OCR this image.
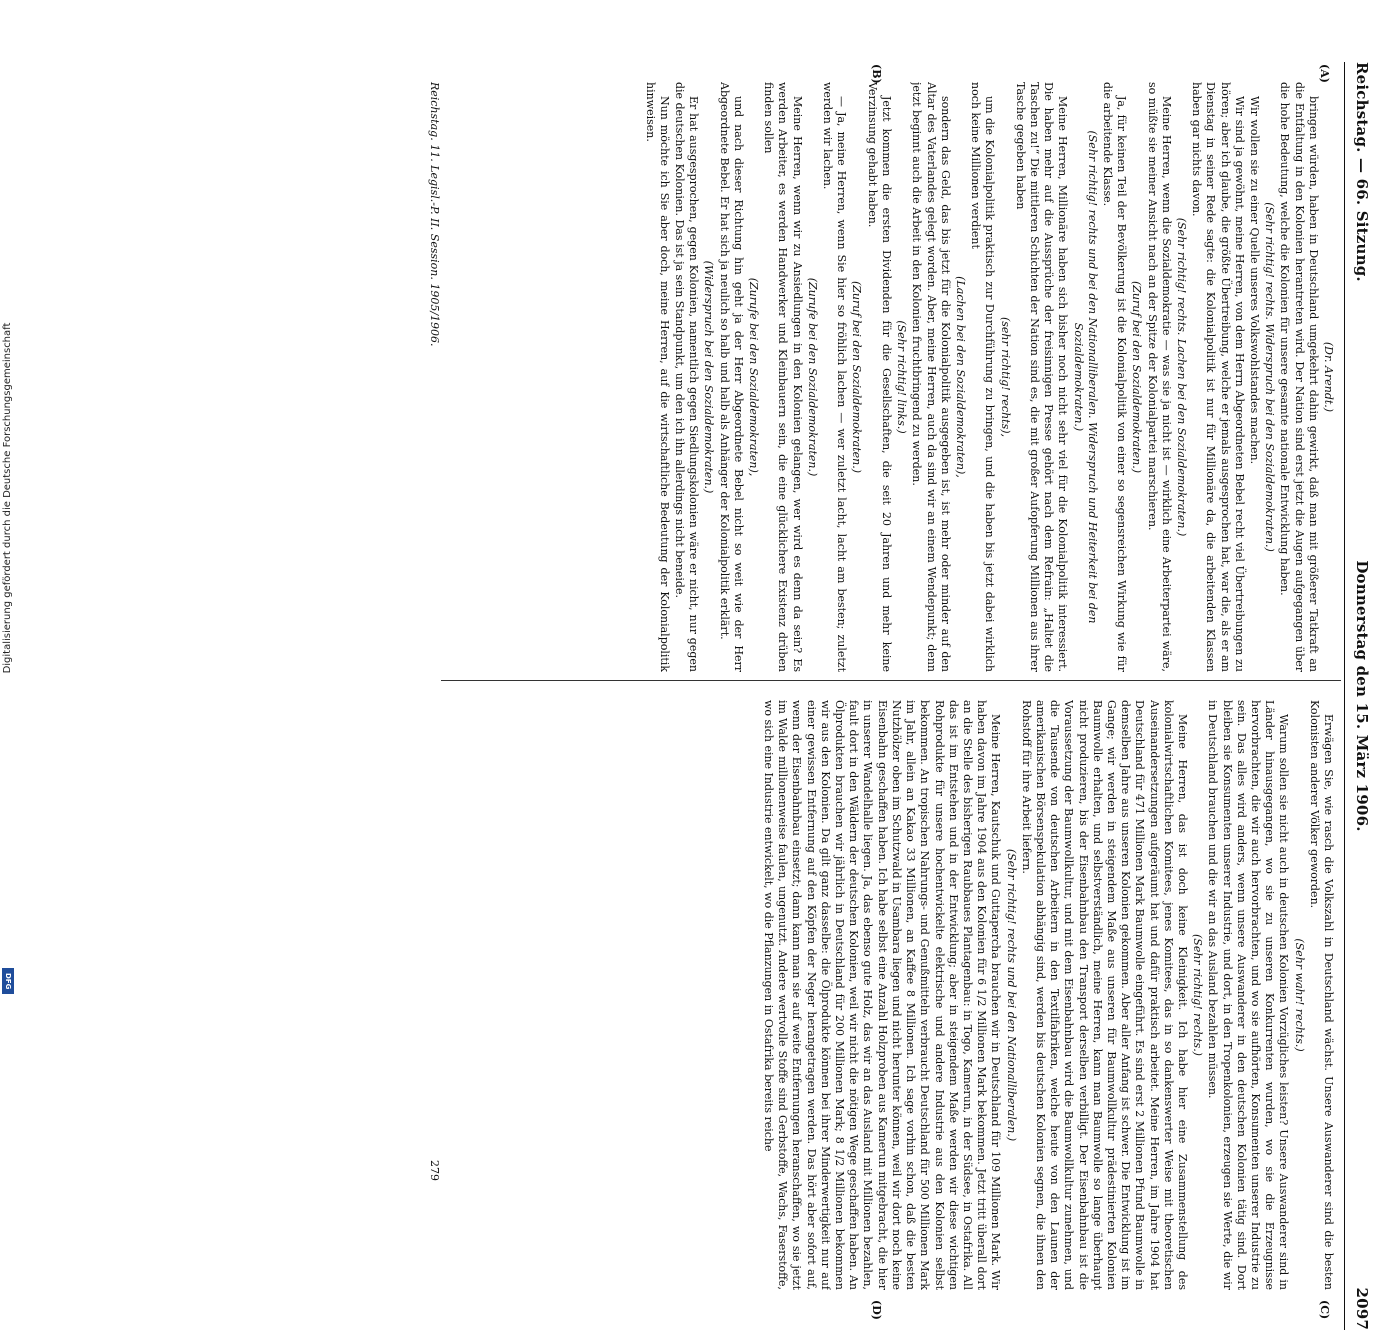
Reichstag. — 66. Sitzung.
Donnerstag den 15. März 1906.
2097
(A)
(B)
(C)
(D)

(Dr. Arendt.)

bringen würden, haben in Deutschland umgekehrt dahin gewirkt, daß man mit größerer Tatkraft an die Entfaltung in den Kolonien herantreten wird. Der Nation sind erst jetzt die Augen aufgegangen über die hohe Bedeutung, welche die Kolonien für unsere gesamte nationale Entwicklung haben.

(Sehr richtig! rechts. Widerspruch bei den Sozialdemokraten.)

Wir wollen sie zu einer Quelle unseres Volkswohlstandes machen.

Wir sind ja gewöhnt, meine Herren, von dem Herrn Abgeordneten Bebel recht viel Übertreibungen zu hören; aber ich glaube, die größte Übertreibung, welche er jemals ausgesprochen hat, war die, als er am Dienstag in seiner Rede sagte: die Kolonialpolitik ist nur für Millionäre da, die arbeitenden Klassen haben gar nichts davon.

(Sehr richtig! rechts. Lachen bei den Sozialdemokraten.)

Meine Herren, wenn die Sozialdemokratie — was sie ja nicht ist — wirklich eine Arbeiterpartei wäre, so müßte sie meiner Ansicht nach an der Spitze der Kolonialpartei marschieren.

(Zuruf bei den Sozialdemokraten.)

Ja, für keinen Teil der Bevölkerung ist die Kolonialpolitik von einer so segensreichen Wirkung wie für die arbeitende Klasse.

(Sehr richtig! rechts und bei den Nationalliberalen. Widerspruch und Heiterkeit bei den Sozialdemokraten.)

Meine Herren, Millionäre haben sich bisher noch nicht sehr viel für die Kolonialpolitik interessiert. Die haben mehr auf die Aussprüche der freisinnigen Presse gehört nach dem Refrain: „Haltet die Taschen zu!“ Die mittleren Schichten der Nation sind es, die mit großer Aufopferung Millionen aus ihrer Tasche gegeben haben

(sehr richtig! rechts),

um die Kolonialpolitik praktisch zur Durchführung zu bringen, und die haben bis jetzt dabei wirklich noch keine Millionen verdient

(Lachen bei den Sozialdemokraten),

sondern das Geld, das bis jetzt für die Kolonialpolitik ausgegeben ist, ist mehr oder minder auf den Altar des Vaterlandes gelegt worden. Aber, meine Herren, auch da sind wir an einem Wendepunkt; denn jetzt beginnt auch die Arbeit in den Kolonien fruchtbringend zu werden.

(Sehr richtig! links.)

Jetzt kommen die ersten Dividenden für die Gesellschaften, die seit 20 Jahren und mehr keine Verzinsung gehabt haben.

(Zuruf bei den Sozialdemokraten.)

— Ja, meine Herren, wenn Sie hier so fröhlich lachen — wer zuletzt lacht, lacht am besten; zuletzt werden wir lachen.

(Zurufe bei den Sozialdemokraten.)

Meine Herren, wenn wir zu Ansiedlungen in den Kolonien gelangen, wer wird es denn da sein? Es werden Arbeiter, es werden Handwerker und Kleinbauern sein, die eine glücklichere Existenz drüben finden sollen

(Zurufe bei den Sozialdemokraten),

und nach dieser Richtung hin geht ja der Herr Abgeordnete Bebel nicht so weit wie der Herr Abgeordnete Bebel. Er hat sich ja neulich so halb und halb als Anhänger der Kolonialpolitik erklärt.

(Widerspruch bei den Sozialdemokraten.)

Er hat ausgesprochen, gegen Kolonien, namentlich gegen Siedlungskolonien wäre er nicht, nur gegen die deutschen Kolonien. Das ist ja sein Standpunkt, um den ich ihn allerdings nicht beneide.

Nun möchte ich Sie aber doch, meine Herren, auf die wirtschaftliche Bedeutung der Kolonialpolitik hinweisen.

Erwägen Sie, wie rasch die Volkszahl in Deutschland wächst. Unsere Auswanderer sind die besten Kolonisten anderer Völker geworden.

(Sehr wahr! rechts.)

Warum sollen sie nicht auch in deutschen Kolonien Vorzügliches leisten? Unsere Auswanderer sind in Länder hinausgegangen, wo sie zu unseren Konkurrenten wurden, wo sie die Erzeugnisse hervorbrachten, die wir auch hervorbrachten, und wo sie aufhörten, Konsumenten unserer Industrie zu sein. Das alles wird anders, wenn unsere Auswanderer in den deutschen Kolonien tätig sind. Dort bleiben sie Konsumenten unserer Industrie, und dort, in den Tropenkolonien, erzeugen sie Werte, die wir in Deutschland brauchen und die wir an das Ausland bezahlen müssen.

(Sehr richtig! rechts.)

Meine Herren, das ist doch keine Kleinigkeit. Ich habe hier eine Zusammenstellung des kolonialwirtschaftlichen Komitees, jenes Komitees, das in so dankenswerter Weise mit theoretischen Auseinandersetzungen aufgeräumt hat und dafür praktisch arbeitet. Meine Herren, im Jahre 1904 hat Deutschland für 471 Millionen Mark Baumwolle eingeführt. Es sind erst 2 Millionen Pfund Baumwolle in demselben Jahre aus unseren Kolonien gekommen. Aber aller Anfang ist schwer. Die Entwicklung ist im Gange; wir werden in steigendem Maße aus unseren für Baumwollkultur prädestinierten Kolonien Baumwolle erhalten, und selbstverständlich, meine Herren, kann man Baumwolle so lange überhaupt nicht produzieren, bis der Eisenbahnbau den Transport derselben verbilligt. Der Eisenbahnbau ist die Voraussetzung der Baumwollkultur, und mit dem Eisenbahnbau wird die Baumwollkultur zunehmen, und die Tausende von deutschen Arbeitern in den Textilfabriken, welche heute von den Launen der amerikanischen Börsenspekulation abhängig sind, werden bis deutschen Kolonien segnen, die ihnen den Rohstoff für ihre Arbeit liefern.

(Sehr richtig! rechts und bei den Nationalliberalen.)

Meine Herren, Kautschuk und Guttapercha brauchen wir in Deutschland für 109 Millionen Mark. Wir haben davon im Jahre 1904 aus den Kolonien für 6 1/2 Millionen Mark bekommen. Jetzt tritt überall dort an die Stelle des bisherigen Raubbaues Plantagenbau: in Togo, Kamerun, in der Südsee, in Ostafrika. All das ist im Entstehen und in der Entwicklung; aber in steigendem Maße werden wir diese wichtigen Rohprodukte für unsere hochentwickelte elektrische und andere Industrie aus den Kolonien selbst bekommen. An tropischen Nahrungs- und Genußmitteln verbraucht Deutschland für 500 Millionen Mark im Jahr, allein an Kakao 33 Millionen, an Kaffee 8 Millionen. Ich sage vorhin schon, daß die besten Nutzhölzer oben im Schutzwald in Usambara liegen und nicht herunter können, weil wir dort noch keine Eisenbahn geschaffen haben. Ich habe selbst eine Anzahl Holzproben aus Kamerun mitgebracht, die hier in unserer Wandelhalle liegen. Ja, das ebenso gute Holz, das wir an das Ausland mit Millionen bezahlen, fault dort in den Wäldern der deutschen Kolonien, weil wir nicht die nötigen Wege geschaffen haben. An Ölprodukten brauchen wir jährlich in Deutschland für 200 Millionen Mark; 8 1/2 Millionen bekommen wir aus den Kolonien. Da gilt ganz dasselbe: die Ölprodukte können bei ihrer Minderwertigkeit nur auf einer gewissen Entfernung auf den Köpfen der Neger herangetragen werden. Das hört aber sofort auf, wenn der Eisenbahnbau einsetzt; dann kann man sie auf weite Entfernungen heranschaffen, wo sie jetzt im Walde millionenweise faulen, ungenutzt. Andere wertvolle Stoffe sind Gerbstoffe, Wachs, Faserstoffe, wo sich eine Industrie entwickelt, wo die Pflanzungen in Ostafrika bereits reiche

Reichstag. 11. Legisl.-P. II. Session. 1905/1906.
279
Digitalisierung gefördert durch die Deutsche Forschungsgemeinschaft
DFG
